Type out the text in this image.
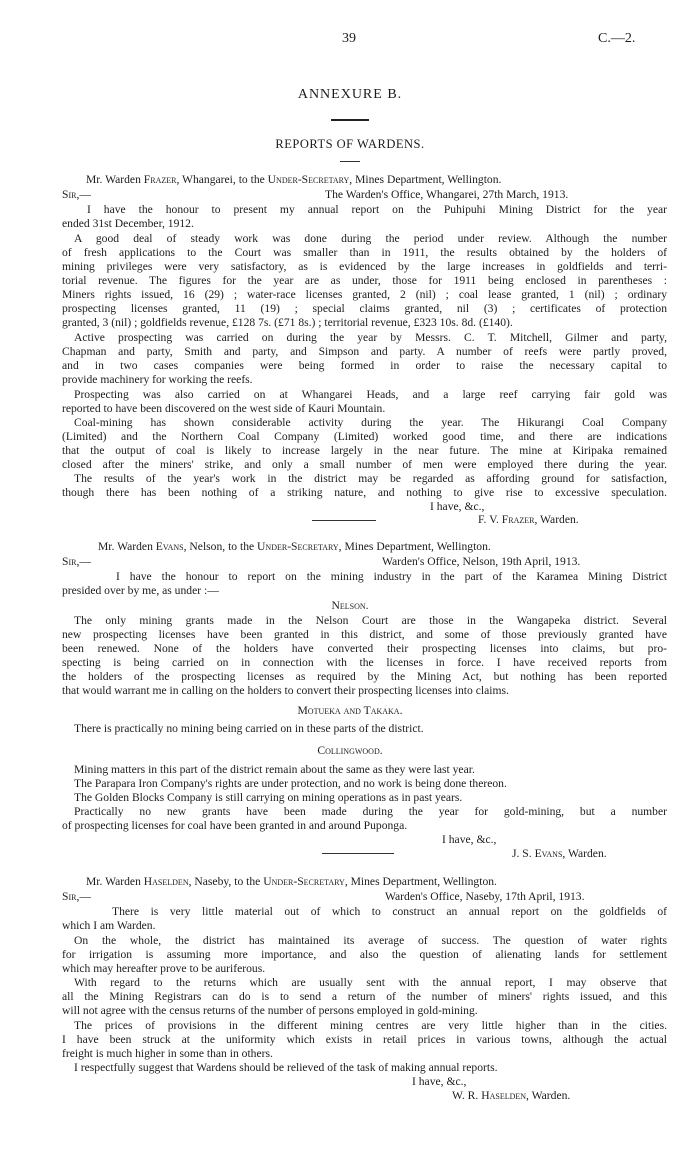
39	C.—2.
ANNEXURE B.
REPORTS OF WARDENS.
Mr. Warden Frazer, Whangarei, to the Under-Secretary, Mines Department, Wellington.
Sir,—	The Warden's Office, Whangarei, 27th March, 1913.
I have the honour to present my annual report on the Puhipuhi Mining District for the year
ended 31st December, 1912.
A good deal of steady work was done during the period under review. Although the number
of fresh applications to the Court was smaller than in 1911, the results obtained by the holders of
mining privileges were very satisfactory, as is evidenced by the large increases in goldfields and terri-
torial revenue. The figures for the year are as under, those for 1911 being enclosed in parentheses :
Miners rights issued, 16 (29) ; water-race licenses granted, 2 (nil) ; coal lease granted, 1 (nil) ; ordinary
prospecting licenses granted, 11 (19) ; special claims granted, nil (3) ; certificates of protection
granted, 3 (nil) ; goldfields revenue, £128 7s. (£71 8s.) ; territorial revenue, £323 10s. 8d. (£140).
Active prospecting was carried on during the year by Messrs. C. T. Mitchell, Gilmer and party,
Chapman and party, Smith and party, and Simpson and party. A number of reefs were partly proved,
and in two cases companies were being formed in order to raise the necessary capital to
provide machinery for working the reefs.
Prospecting was also carried on at Whangarei Heads, and a large reef carrying fair gold was
reported to have been discovered on the west side of Kauri Mountain.
Coal-mining has shown considerable activity during the year. The Hikurangi Coal Company
(Limited) and the Northern Coal Company (Limited) worked good time, and there are indications
that the output of coal is likely to increase largely in the near future. The mine at Kiripaka remained
closed after the miners' strike, and only a small number of men were employed there during the year.
The results of the year's work in the district may be regarded as affording ground for satisfaction,
though there has been nothing of a striking nature, and nothing to give rise to excessive speculation.
I have, &c.,
F. V. Frazer, Warden.
Mr. Warden Evans, Nelson, to the Under-Secretary, Mines Department, Wellington.
Sir,—	Warden's Office, Nelson, 19th April, 1913.
I have the honour to report on the mining industry in the part of the Karamea Mining District
presided over by me, as under :—
Nelson.
The only mining grants made in the Nelson Court are those in the Wangapeka district. Several
new prospecting licenses have been granted in this district, and some of those previously granted have
been renewed. None of the holders have converted their prospecting licenses into claims, but pro-
specting is being carried on in connection with the licenses in force. I have received reports from
the holders of the prospecting licenses as required by the Mining Act, but nothing has been reported
that would warrant me in calling on the holders to convert their prospecting licenses into claims.
Motueka and Takaka.
There is practically no mining being carried on in these parts of the district.
Collingwood.
Mining matters in this part of the district remain about the same as they were last year.
The Parapara Iron Company's rights are under protection, and no work is being done thereon.
The Golden Blocks Company is still carrying on mining operations as in past years.
Practically no new grants have been made during the year for gold-mining, but a number
of prospecting licenses for coal have been granted in and around Puponga.
I have, &c.,
J. S. Evans, Warden.
Mr. Warden Haselden, Naseby, to the Under-Secretary, Mines Department, Wellington.
Sir,—	Warden's Office, Naseby, 17th April, 1913.
There is very little material out of which to construct an annual report on the goldfields of
which I am Warden.
On the whole, the district has maintained its average of success. The question of water rights
for irrigation is assuming more importance, and also the question of alienating lands for settlement
which may hereafter prove to be auriferous.
With regard to the returns which are usually sent with the annual report, I may observe that
all the Mining Registrars can do is to send a return of the number of miners' rights issued, and this
will not agree with the census returns of the number of persons employed in gold-mining.
The prices of provisions in the different mining centres are very little higher than in the cities.
I have been struck at the uniformity which exists in retail prices in various towns, although the actual
freight is much higher in some than in others.
I respectfully suggest that Wardens should be relieved of the task of making annual reports.
I have, &c.,
W. R. Haselden, Warden.
